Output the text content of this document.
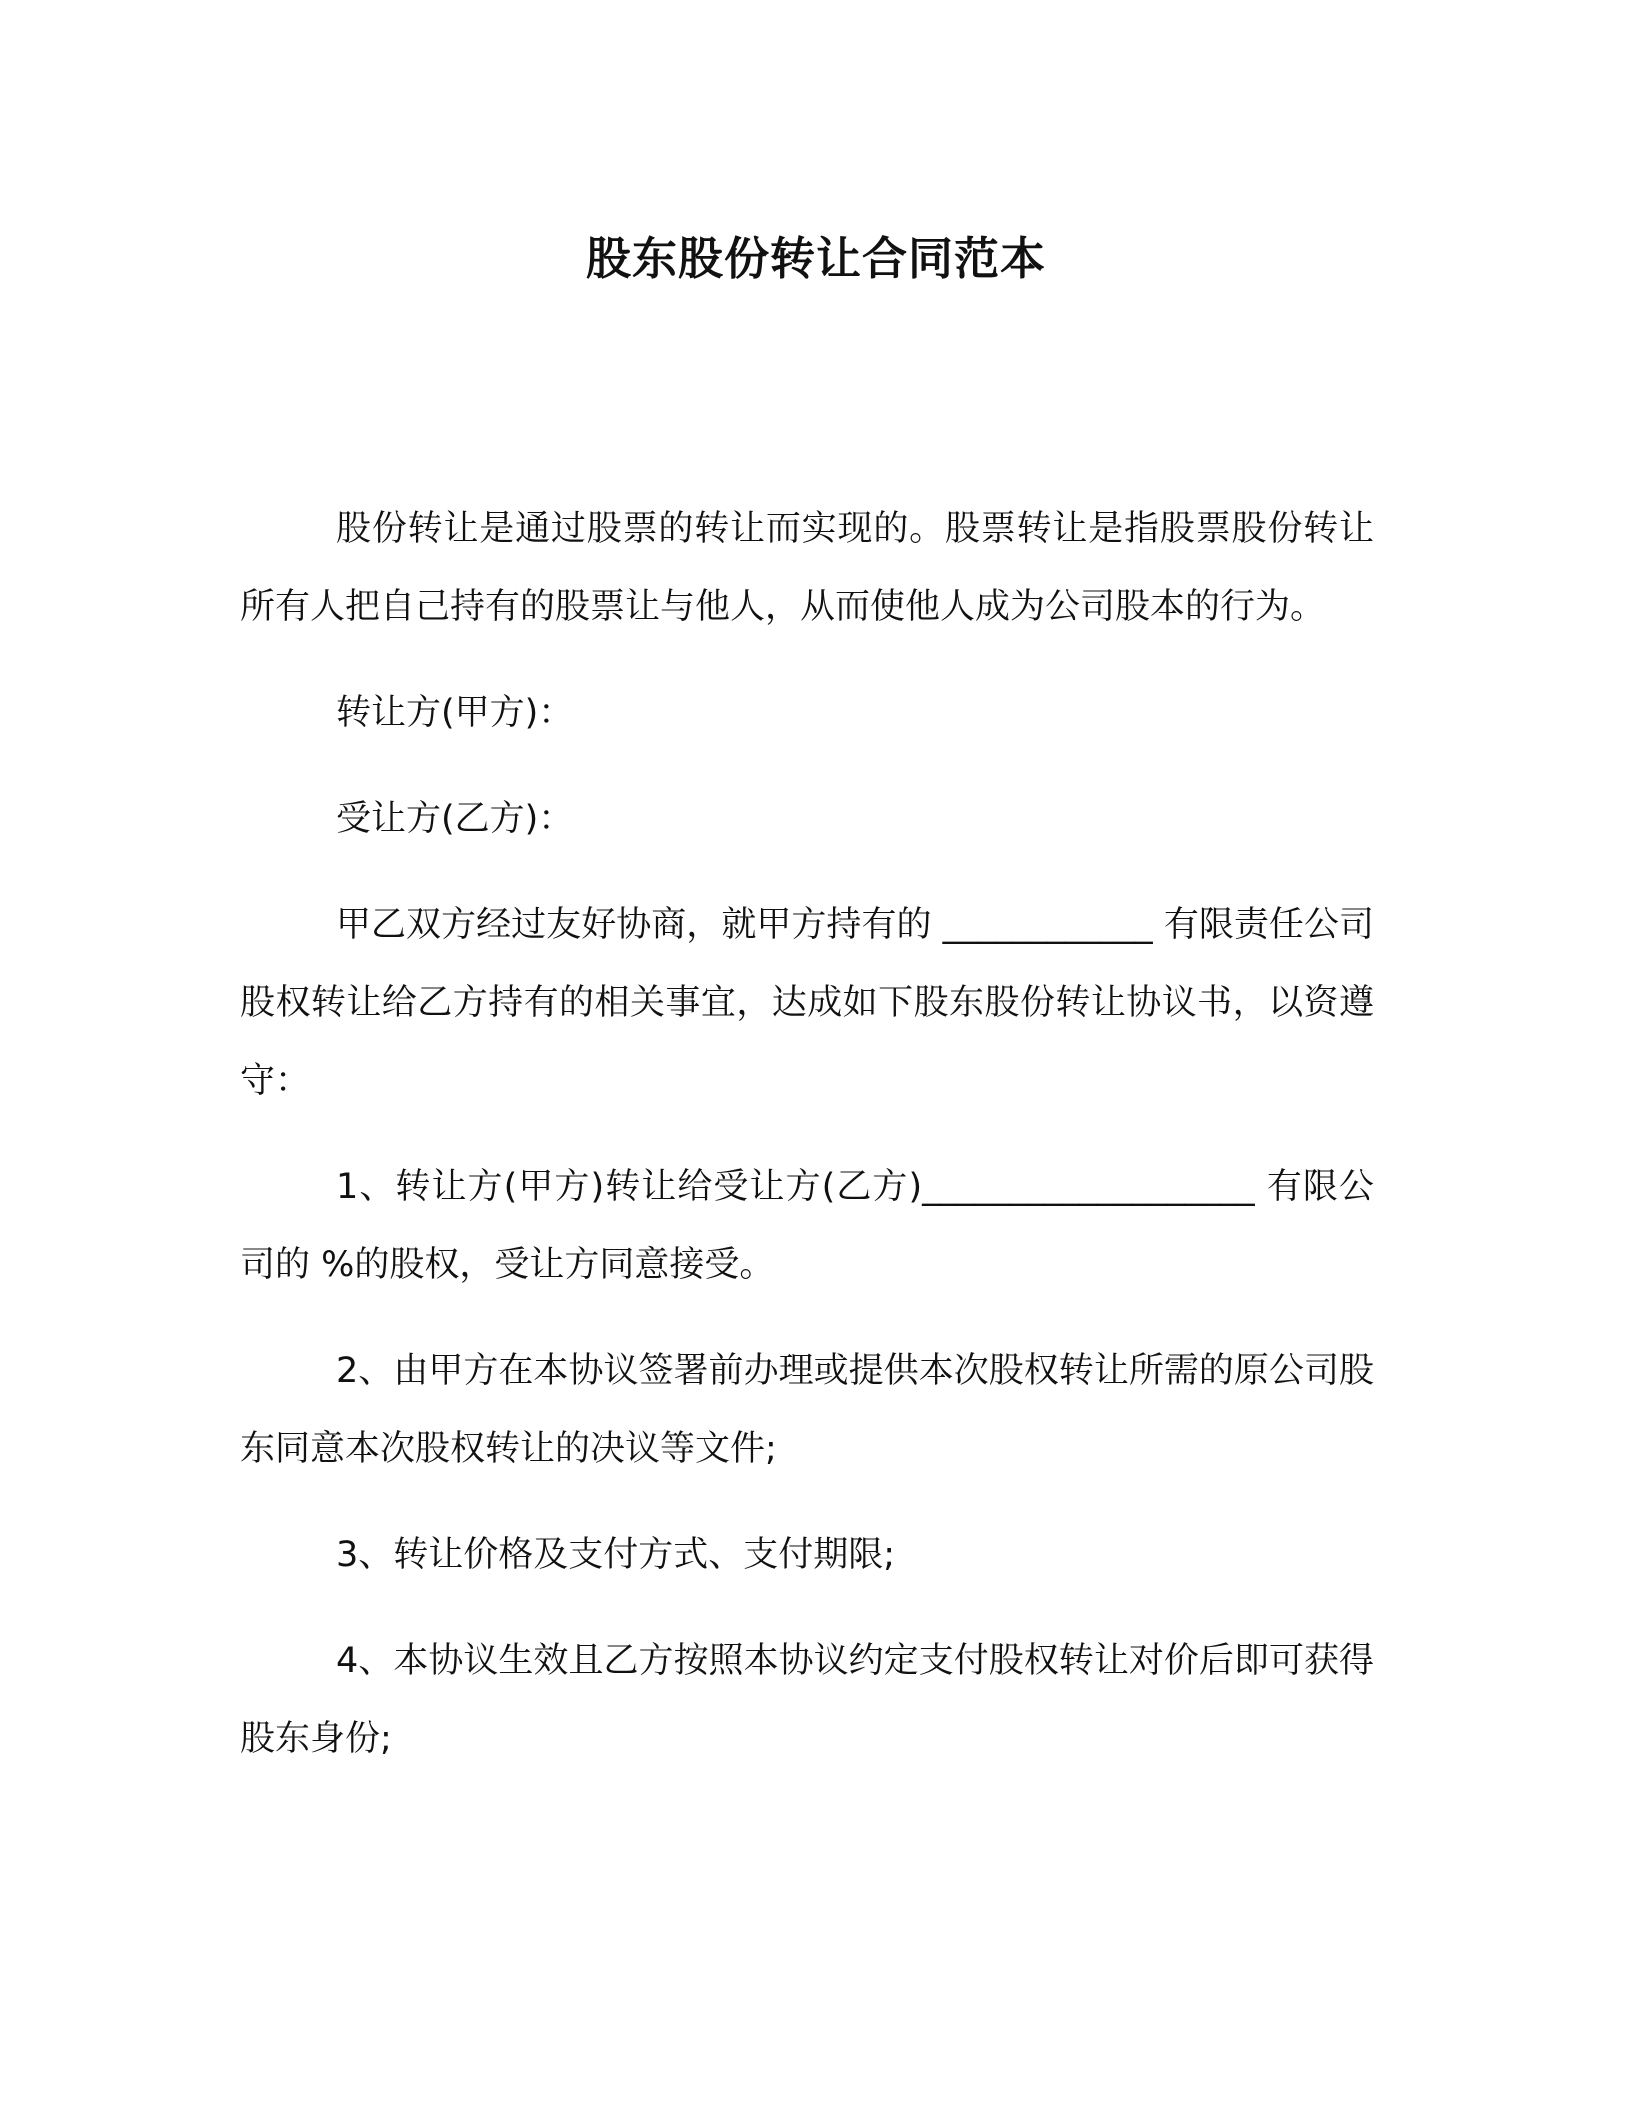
股东股份转让合同范本

股份转让是通过股票的转让而实现的。股票转让是指股票股份转让所有人把自己持有的股票让与他人，从而使他人成为公司股本的行为。

转让方(甲方)：

受让方(乙方)：

甲乙双方经过友好协商，就甲方持有的 ____________ 有限责任公司股权转让给乙方持有的相关事宜，达成如下股东股份转让协议书，以资遵守：

1、转让方(甲方)转让给受让方(乙方)___________________ 有限公司的 %的股权，受让方同意接受。

2、由甲方在本协议签署前办理或提供本次股权转让所需的原公司股东同意本次股权转让的决议等文件;

3、转让价格及支付方式、支付期限;

4、本协议生效且乙方按照本协议约定支付股权转让对价后即可获得股东身份;
